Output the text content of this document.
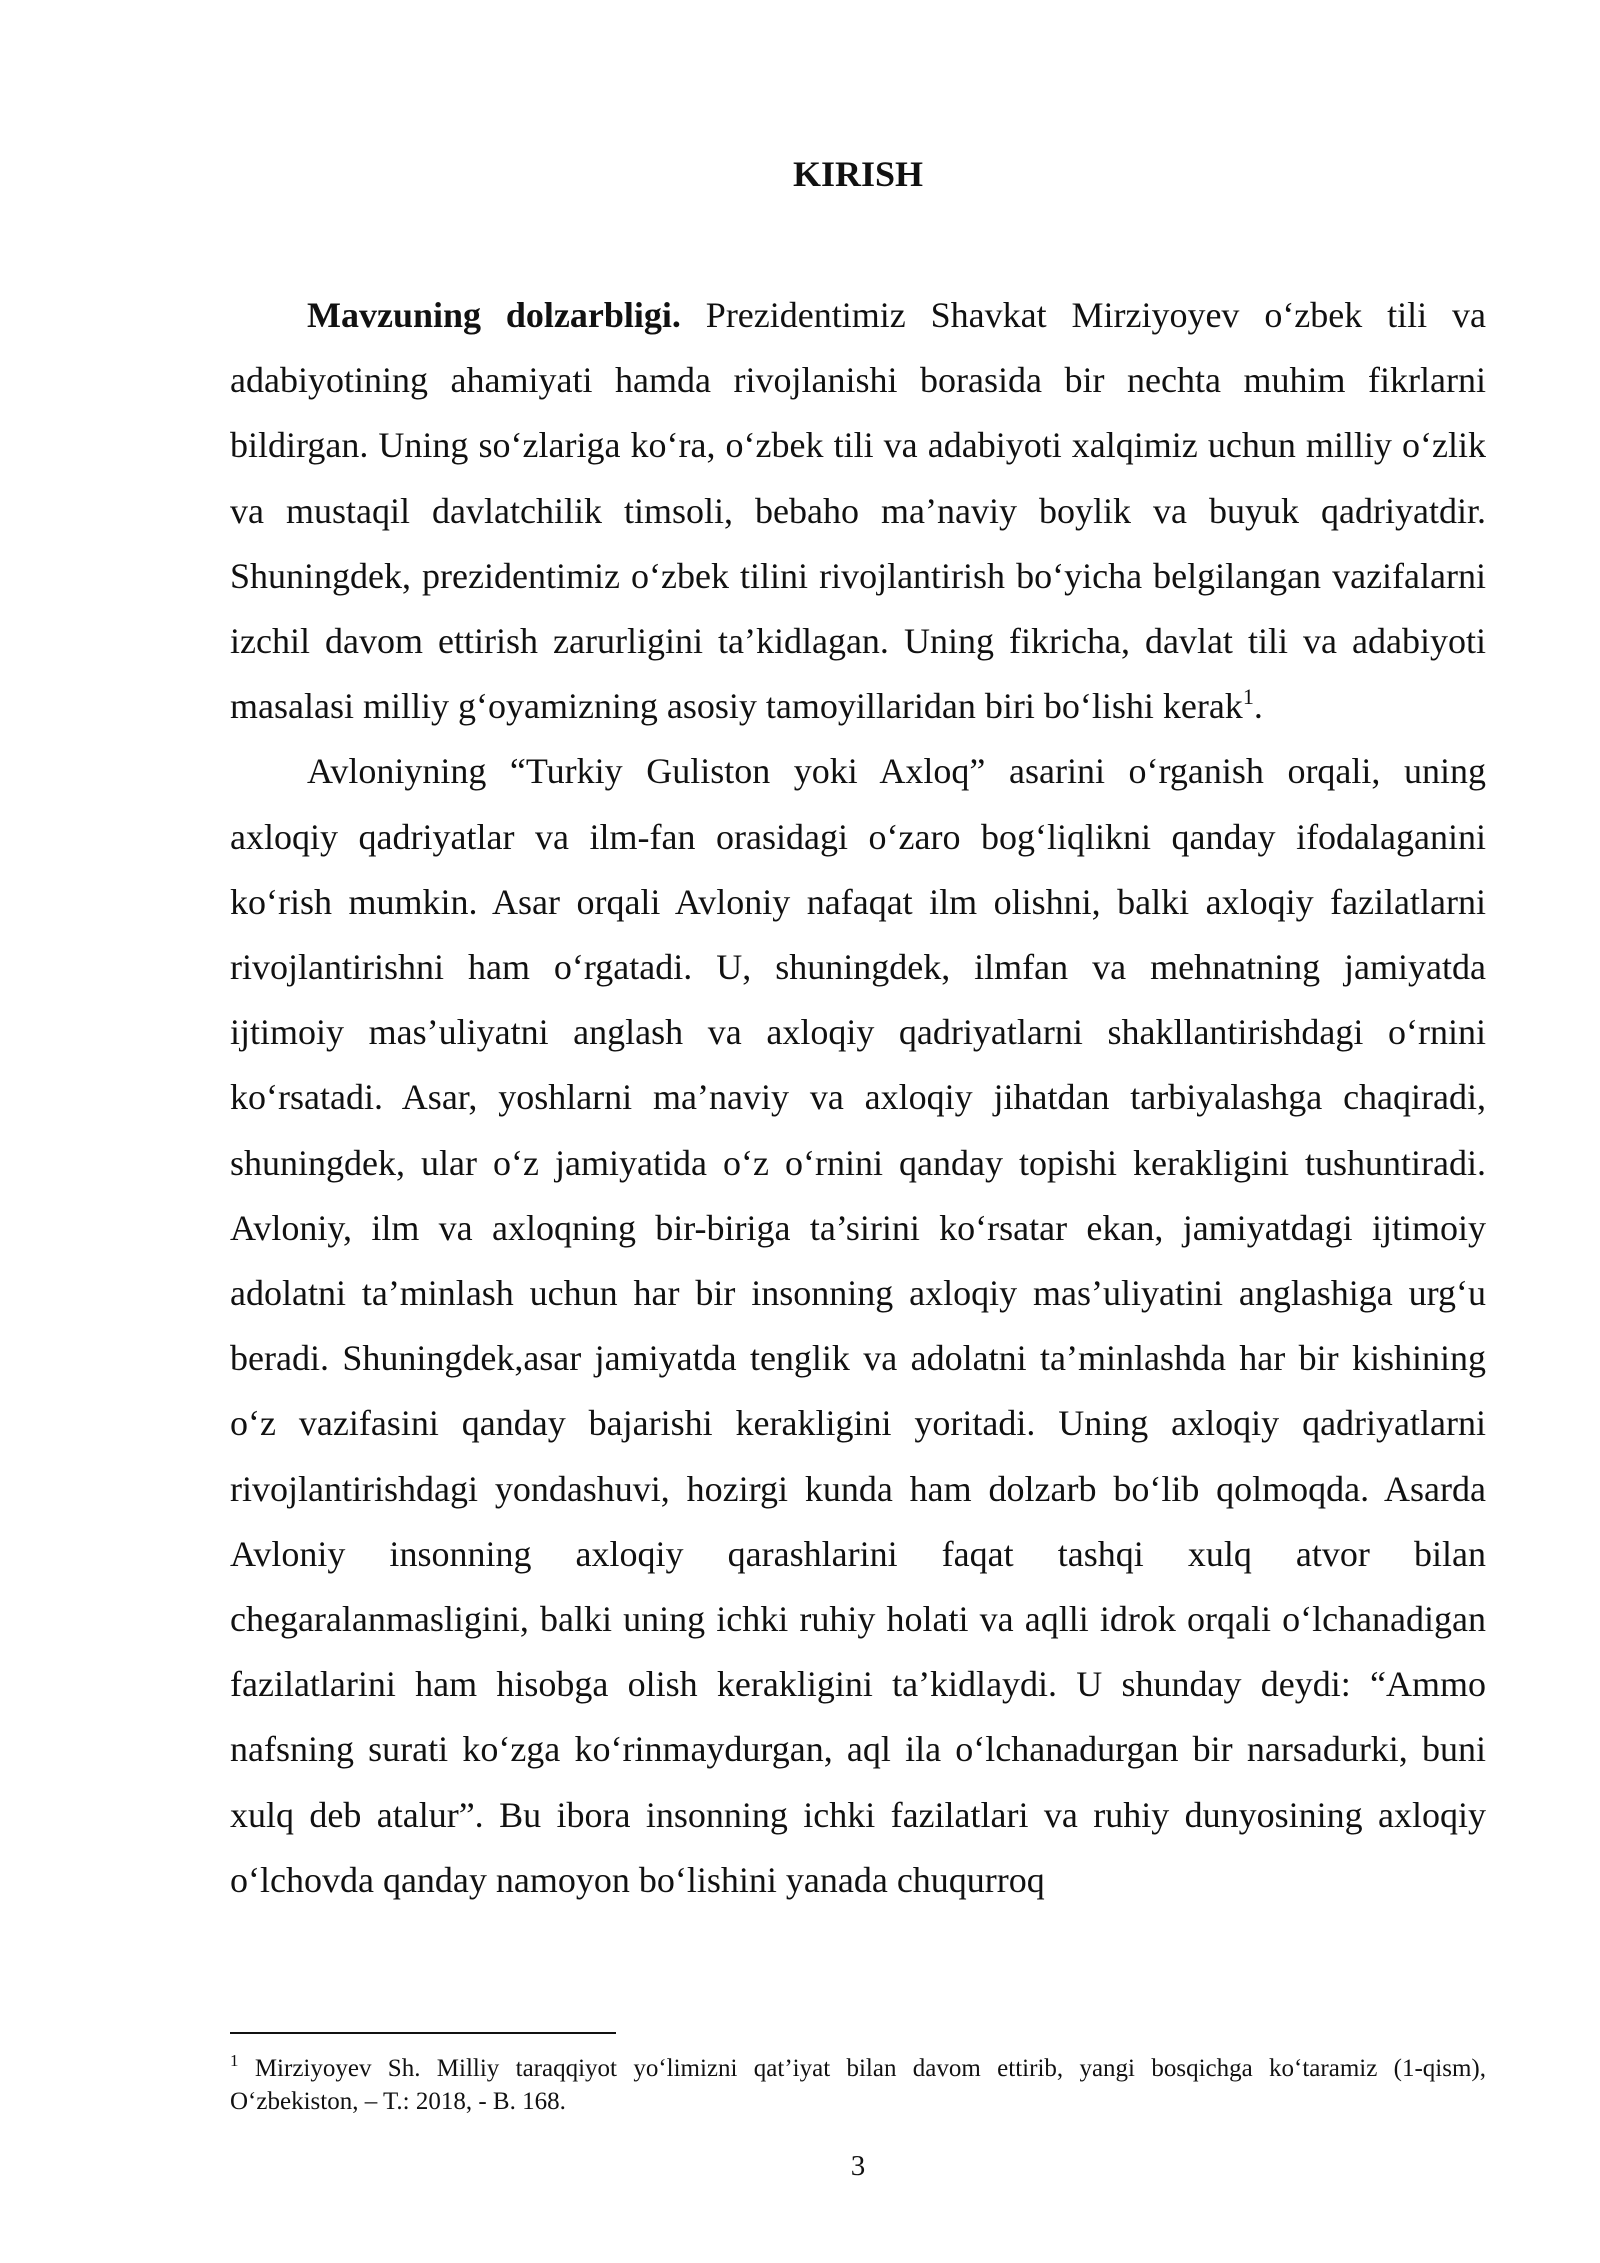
KIRISH

Mavzuning dolzarbligi. Prezidentimiz Shavkat Mirziyoyev o‘zbek tili va adabiyotining ahamiyati hamda rivojlanishi borasida bir nechta muhim fikrlarni bildirgan. Uning so‘zlariga ko‘ra, o‘zbek tili va adabiyoti xalqimiz uchun milliy o‘zlik va mustaqil davlatchilik timsoli, bebaho ma’naviy boylik va buyuk qadriyatdir. Shuningdek, prezidentimiz o‘zbek tilini rivojlantirish bo‘yicha belgilangan vazifalarni izchil davom ettirish zarurligini ta’kidlagan. Uning fikricha, davlat tili va adabiyoti masalasi milliy g‘oyamizning asosiy tamoyillaridan biri bo‘lishi kerak$^1$.

Avloniyning “Turkiy Guliston yoki Axloq” asarini o‘rganish orqali, uning axloqiy qadriyatlar va ilm-fan orasidagi o‘zaro bog‘liqlikni qanday ifodalaganini ko‘rish mumkin. Asar orqali Avloniy nafaqat ilm olishni, balki axloqiy fazilatlarni rivojlantirishni ham o‘rgatadi. U, shuningdek, ilmfan va mehnatning jamiyatda ijtimoiy mas’uliyatni anglash va axloqiy qadriyatlarni shakllantirishdagi o‘rnini ko‘rsatadi. Asar, yoshlarni ma’naviy va axloqiy jihatdan tarbiyalashga chaqiradi, shuningdek, ular o‘z jamiyatida o‘z o‘rnini qanday topishi kerakligini tushuntiradi. Avloniy, ilm va axloqning bir-biriga ta’sirini ko‘rsatar ekan, jamiyatdagi ijtimoiy adolatni ta’minlash uchun har bir insonning axloqiy mas’uliyatini anglashiga urg‘u beradi. Shuningdek,asar jamiyatda tenglik va adolatni ta’minlashda har bir kishining o‘z vazifasini qanday bajarishi kerakligini yoritadi. Uning axloqiy qadriyatlarni rivojlantirishdagi yondashuvi, hozirgi kunda ham dolzarb bo‘lib qolmoqda. Asarda Avloniy insonning axloqiy qarashlarini faqat tashqi xulq atvor bilan chegaralanmasligini, balki uning ichki ruhiy holati va aqlli idrok orqali o‘lchanadigan fazilatlarini ham hisobga olish kerakligini ta’kidlaydi. U shunday deydi: “Ammo nafsning surati ko‘zga ko‘rinmaydurgan, aql ila o‘lchanadurgan bir narsadurki, buni xulq deb atalur”. Bu ibora insonning ichki fazilatlari va ruhiy dunyosining axloqiy o‘lchovda qanday namoyon bo‘lishini yanada chuqurroq

$^1$ Mirziyoyev Sh. Milliy taraqqiyot yo‘limizni qat’iyat bilan davom ettirib, yangi bosqichga ko‘taramiz (1-qism), O‘zbekiston, – T.: 2018, - B. 168.

3
